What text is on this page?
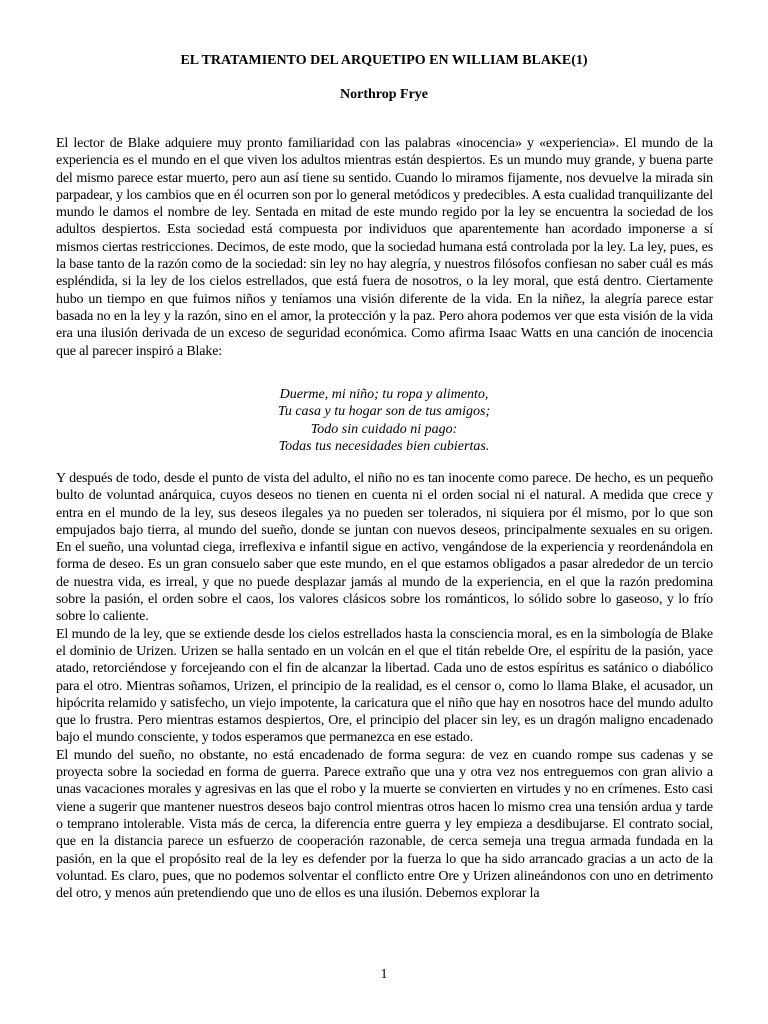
EL TRATAMIENTO DEL ARQUETIPO EN WILLIAM BLAKE(1)
Northrop Frye

El lector de Blake adquiere muy pronto familiaridad con las palabras «inocencia» y «experiencia». El mundo de la experiencia es el mundo en el que viven los adultos mientras están despiertos. Es un mundo muy grande, y buena parte del mismo parece estar muerto, pero aun así tiene su sentido. Cuando lo miramos fijamente, nos devuelve la mirada sin parpadear, y los cambios que en él ocurren son por lo general metódicos y predecibles. A esta cualidad tranquilizante del mundo le damos el nombre de ley. Sentada en mitad de este mundo regido por la ley se encuentra la sociedad de los adultos despiertos. Esta sociedad está compuesta por individuos que aparentemente han acordado imponerse a sí mismos ciertas restricciones. Decimos, de este modo, que la sociedad humana está controlada por la ley. La ley, pues, es la base tanto de la razón como de la sociedad: sin ley no hay alegría, y nuestros filósofos confiesan no saber cuál es más espléndida, si la ley de los cielos estrellados, que está fuera de nosotros, o la ley moral, que está dentro. Ciertamente hubo un tiempo en que fuimos niños y teníamos una visión diferente de la vida. En la niñez, la alegría parece estar basada no en la ley y la razón, sino en el amor, la protección y la paz. Pero ahora podemos ver que esta visión de la vida era una ilusión derivada de un exceso de seguridad económica. Como afirma Isaac Watts en una canción de inocencia que al parecer inspiró a Blake:

Duerme, mi niño; tu ropa y alimento,
Tu casa y tu hogar son de tus amigos;
Todo sin cuidado ni pago:
Todas tus necesidades bien cubiertas.

Y después de todo, desde el punto de vista del adulto, el niño no es tan inocente como parece. De hecho, es un pequeño bulto de voluntad anárquica, cuyos deseos no tienen en cuenta ni el orden social ni el natural. A medida que crece y entra en el mundo de la ley, sus deseos ilegales ya no pueden ser tolerados, ni siquiera por él mismo, por lo que son empujados bajo tierra, al mundo del sueño, donde se juntan con nuevos deseos, principalmente sexuales en su origen. En el sueño, una voluntad ciega, irreflexiva e infantil sigue en activo, vengándose de la experiencia y reordenándola en forma de deseo. Es un gran consuelo saber que este mundo, en el que estamos obligados a pasar alrededor de un tercio de nuestra vida, es irreal, y que no puede desplazar jamás al mundo de la experiencia, en el que la razón predomina sobre la pasión, el orden sobre el caos, los valores clásicos sobre los románticos, lo sólido sobre lo gaseoso, y lo frío sobre lo caliente.

El mundo de la ley, que se extiende desde los cielos estrellados hasta la consciencia moral, es en la simbología de Blake el dominio de Urizen. Urizen se halla sentado en un volcán en el que el titán rebelde Ore, el espíritu de la pasión, yace atado, retorciéndose y forcejeando con el fin de alcanzar la libertad. Cada uno de estos espíritus es satánico o diabólico para el otro. Mientras soñamos, Urizen, el principio de la realidad, es el censor o, como lo llama Blake, el acusador, un hipócrita relamido y satisfecho, un viejo impotente, la caricatura que el niño que hay en nosotros hace del mundo adulto que lo frustra. Pero mientras estamos despiertos, Ore, el principio del placer sin ley, es un dragón maligno encadenado bajo el mundo consciente, y todos esperamos que permanezca en ese estado.

El mundo del sueño, no obstante, no está encadenado de forma segura: de vez en cuando rompe sus cadenas y se proyecta sobre la sociedad en forma de guerra. Parece extraño que una y otra vez nos entreguemos con gran alivio a unas vacaciones morales y agresivas en las que el robo y la muerte se convierten en virtudes y no en crímenes. Esto casi viene a sugerir que mantener nuestros deseos bajo control mientras otros hacen lo mismo crea una tensión ardua y tarde o temprano intolerable. Vista más de cerca, la diferencia entre guerra y ley empieza a desdibujarse. El contrato social, que en la distancia parece un esfuerzo de cooperación razonable, de cerca semeja una tregua armada fundada en la pasión, en la que el propósito real de la ley es defender por la fuerza lo que ha sido arrancado gracias a un acto de la voluntad. Es claro, pues, que no podemos solventar el conflicto entre Ore y Urizen alineándonos con uno en detrimento del otro, y menos aún pretendiendo que uno de ellos es una ilusión. Debemos explorar la

1
